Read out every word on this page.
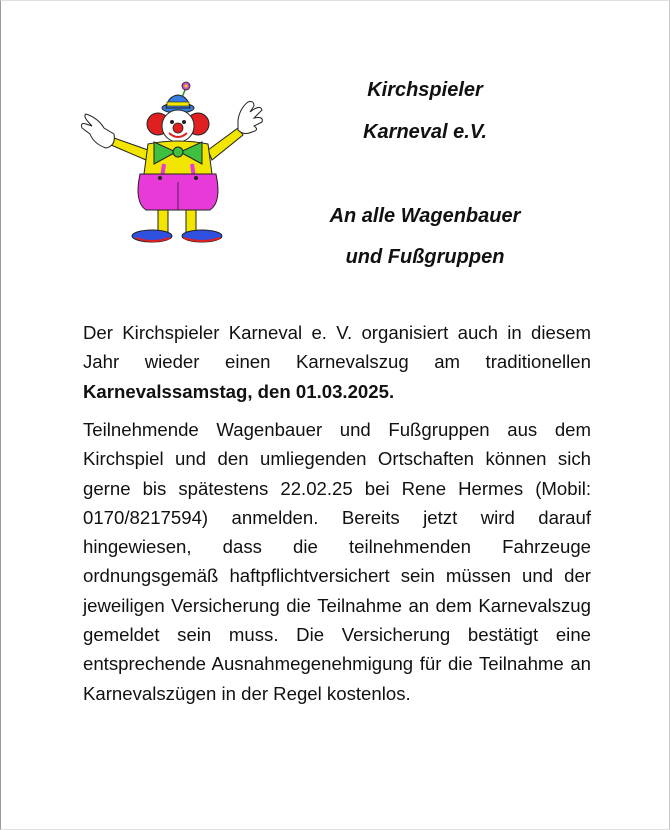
Kirchspieler
Karneval e.V.
An alle Wagenbauer
und Fußgruppen

Der Kirchspieler Karneval e. V. organisiert auch in diesem Jahr wieder einen Karnevalszug am traditionellen Karnevalssamstag, den 01.03.2025.

Teilnehmende Wagenbauer und Fußgruppen aus dem Kirchspiel und den umliegenden Ortschaften können sich gerne bis spätestens 22.02.25 bei Rene Hermes (Mobil: 0170/8217594) anmelden. Bereits jetzt wird darauf hingewiesen, dass die teilnehmenden Fahrzeuge ordnungsgemäß haftpflichtversichert sein müssen und der jeweiligen Versicherung die Teilnahme an dem Karnevalszug gemeldet sein muss. Die Versicherung bestätigt eine entsprechende Ausnahmegenehmigung für die Teilnahme an Karnevalszügen in der Regel kostenlos.
